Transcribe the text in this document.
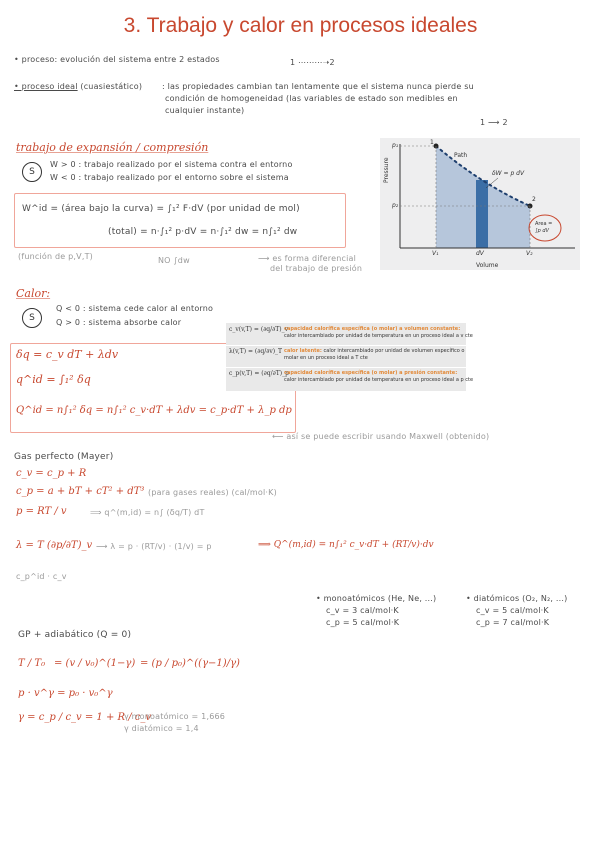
3. Trabajo y calor en procesos ideales
• proceso: evolución del sistema entre 2 estados	1 ⋯⋯⋯➝2
• proceso ideal (cuasiestático) : las propiedades cambian tan lentamente que el sistema nunca pierde su
condición de homogeneidad (las variables de estado son medibles en
cualquier instante)
1 ⟶ 2
trabajo de expansión / compresión
S
W > 0 : trabajo realizado por el sistema contra el entorno
W < 0 : trabajo realizado por el entorno sobre el sistema
W^id = (área bajo la curva) = ∫₁² F·dV (por unidad de mol)
(total) = n·∫₁² p·dV = n·∫₁² dw = n∫₁² dw
(función de p,V,T)	NO ∫dw	⟶ es forma diferencial
del trabajo de presión
Pressure
Volume
p₁
p₂
V₁	dV	V₂
Path
δW = p dV
Area =
∫p dV
1
2
Calor:
S
Q < 0 : sistema cede calor al entorno
Q > 0 : sistema absorbe calor
δq = c_v dT + λdv
q^id = ∫₁² δq
Q^id = n∫₁² δq = n∫₁² c_v·dT + λdv = c_p·dT + λ_p dp
⟵ así se puede escribir usando Maxwell (obtenido)
c_v(v,T) = (∂q/∂T)_v
capacidad calorífica específica (o molar) a volumen constante:
calor intercambiado por unidad de temperatura en un proceso ideal a v cte
λ(v,T) = (∂q/∂v)_T calor latente: calor intercambiado por unidad de volumen específico o
molar en un proceso ideal a T cte
c_p(v,T) = (∂q/∂T)_p
capacidad calorífica específica (o molar) a presión constante:
calor intercambiado por unidad de temperatura en un proceso ideal a p cte
Gas perfecto (Mayer)
c_v = c_p + R
c_p = a + bT + cT² + dT³ (para gases reales) (cal/mol·K)
p = RT / v	⟹ q^(m,id) = n∫ (δq/T) dT
λ = T (∂p/∂T)_v ⟶ λ = p · (RT/v) · (1/v) = p	⟹ Q^(m,id) = n∫₁² c_v·dT + (RT/v)·dv
c_p^id · c_v
• monoatómicos (He, Ne, ...)
c_v = 3 cal/mol·K
c_p = 5 cal/mol·K
• diatómicos (O₂, N₂, ...)
c_v = 5 cal/mol·K
c_p = 7 cal/mol·K
GP + adiabático (Q = 0)
T / T₀ = (v / v₀)^(1−γ) = (p / p₀)^((γ−1)/γ)
p · v^γ = p₀ · v₀^γ
γ = c_p / c_v = 1 + R / c_v
γ monoatómico = 1,666
γ diatómico = 1,4
